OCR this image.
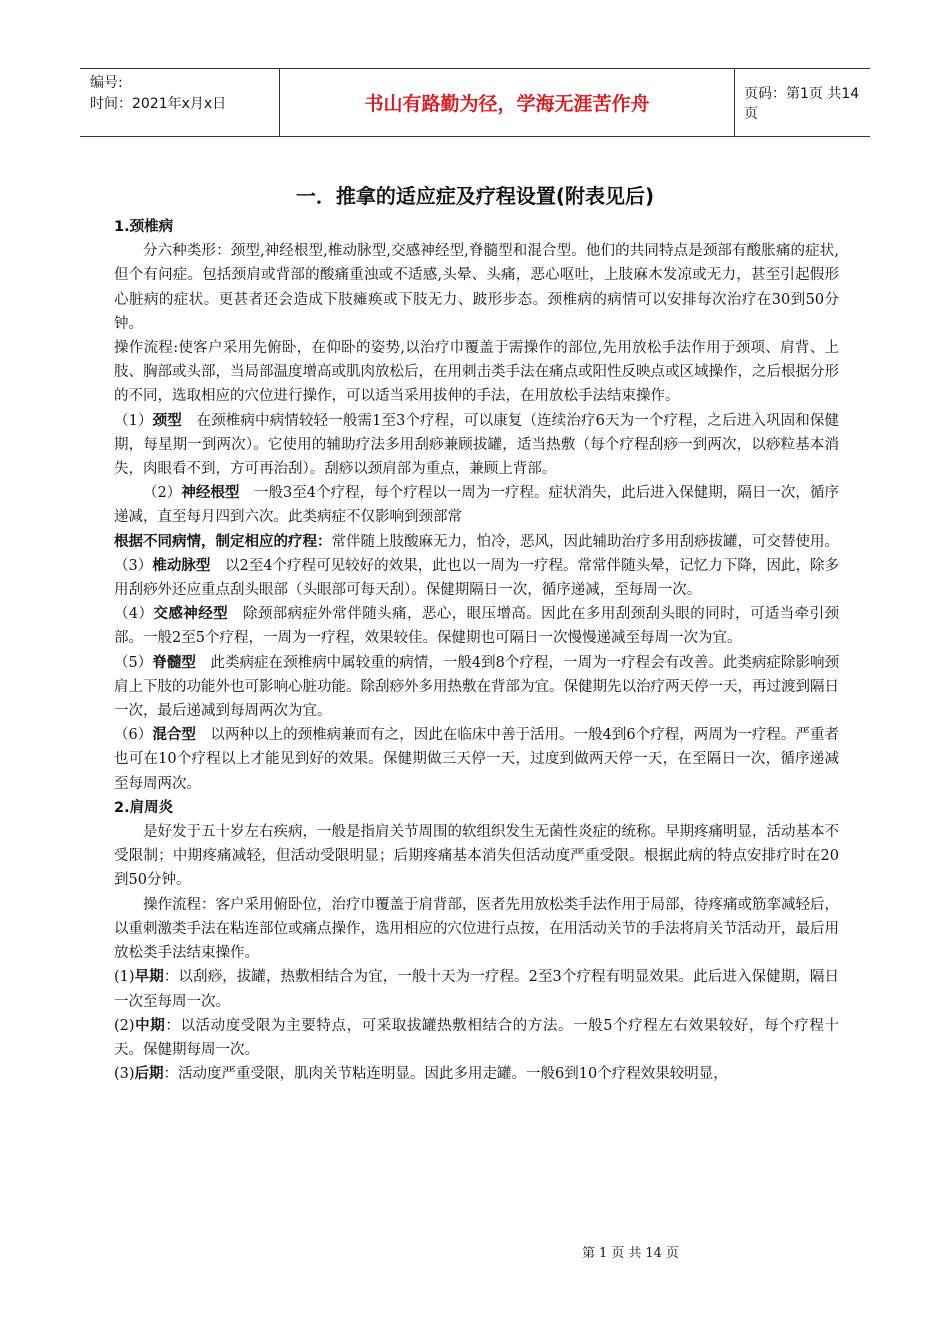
编号:
时间：2021年x月x日	书山有路勤为径，学海无涯苦作舟	页码：第1页 共14页
一．推拿的适应症及疗程设置(附表见后)

1.颈椎病

分六种类形：颈型,神经根型,椎动脉型,交感神经型,脊髓型和混合型。他们的共同特点是颈部有酸胀痛的症状,但个有问症。包括颈肩或背部的酸痛重浊或不适感,头晕、头痛，恶心呕吐，上肢麻木发凉或无力，甚至引起假形心脏病的症状。更甚者还会造成下肢瘫痪或下肢无力、跛形步态。颈椎病的病情可以安排每次治疗在30到50分钟。

操作流程:使客户采用先俯卧，在仰卧的姿势,以治疗巾覆盖于需操作的部位,先用放松手法作用于颈项、肩背、上肢、胸部或头部，当局部温度增高或肌肉放松后，在用刺击类手法在痛点或阳性反映点或区域操作，之后根据分形的不同，选取相应的穴位进行操作，可以适当采用拔伸的手法，在用放松手法结束操作。

（1）颈型　在颈椎病中病情较轻一般需1至3个疗程，可以康复（连续治疗6天为一个疗程，之后进入巩固和保健期，每星期一到两次）。它使用的辅助疗法多用刮痧兼顾拔罐，适当热敷（每个疗程刮痧一到两次，以痧粒基本消失，肉眼看不到，方可再治刮）。刮痧以颈肩部为重点，兼顾上背部。

（2）神经根型　一般3至4个疗程，每个疗程以一周为一疗程。症状消失，此后进入保健期，隔日一次，循序递减，直至每月四到六次。此类病症不仅影响到颈部常

根据不同病情，制定相应的疗程：常伴随上肢酸麻无力，怕冷，恶风，因此辅助治疗多用刮痧拔罐，可交替使用。

（3）椎动脉型　以2至4个疗程可见较好的效果，此也以一周为一疗程。常常伴随头晕，记忆力下降，因此，除多用刮痧外还应重点刮头眼部（头眼部可每天刮）。保健期隔日一次，循序递减，至每周一次。

（4）交感神经型　除颈部病症外常伴随头痛，恶心，眼压增高。因此在多用刮颈刮头眼的同时，可适当牵引颈部。一般2至5个疗程，一周为一疗程，效果较佳。保健期也可隔日一次慢慢递减至每周一次为宜。

（5）脊髓型　此类病症在颈椎病中属较重的病情，一般4到8个疗程，一周为一疗程会有改善。此类病症除影响颈肩上下肢的功能外也可影响心脏功能。除刮痧外多用热敷在背部为宜。保健期先以治疗两天停一天，再过渡到隔日一次，最后递减到每周两次为宜。

（6）混合型　以两种以上的颈椎病兼而有之，因此在临床中善于活用。一般4到6个疗程，两周为一疗程。严重者也可在10个疗程以上才能见到好的效果。保健期做三天停一天，过度到做两天停一天，在至隔日一次，循序递减至每周两次。

2.肩周炎

是好发于五十岁左右疾病，一般是指肩关节周围的软组织发生无菌性炎症的统称。早期疼痛明显，活动基本不受限制；中期疼痛减轻，但活动受限明显；后期疼痛基本消失但活动度严重受限。根据此病的特点安排疗时在20到50分钟。

操作流程：客户采用俯卧位，治疗巾覆盖于肩背部，医者先用放松类手法作用于局部，待疼痛或筋挛减轻后，以重刺激类手法在粘连部位或痛点操作，选用相应的穴位进行点按，在用活动关节的手法将肩关节活动开，最后用放松类手法结束操作。

(1)早期：以刮痧，拔罐，热敷相结合为宜，一般十天为一疗程。2至3个疗程有明显效果。此后进入保健期，隔日一次至每周一次。

(2)中期：以活动度受限为主要特点，可采取拔罐热敷相结合的方法。一般5个疗程左右效果较好，每个疗程十天。保健期每周一次。

(3)后期：活动度严重受限，肌肉关节粘连明显。因此多用走罐。一般6到10个疗程效果较明显，

第 1 页 共 14 页
